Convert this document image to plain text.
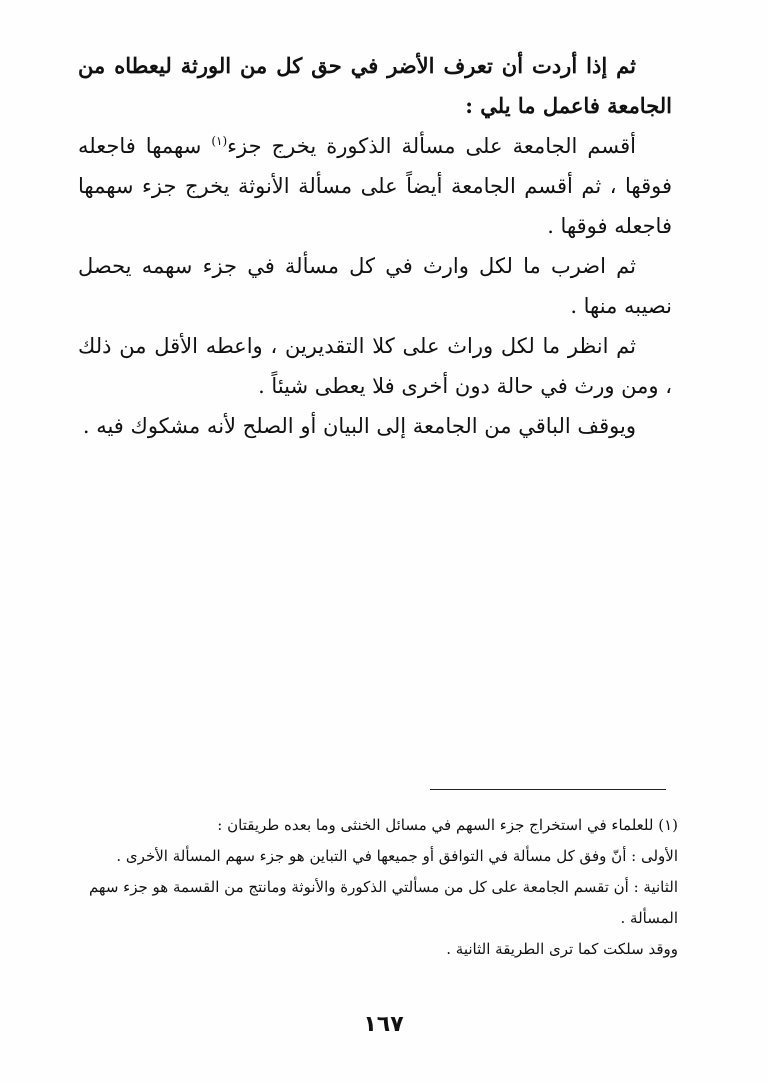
ثم إذا أردت أن تعرف الأضر في حق كل من الورثة ليعطاه من الجامعة فاعمل ما يلي :

أقسم الجامعة على مسألة الذكورة يخرج جزء$^{(١)}$ سهمها فاجعله فوقها ، ثم أقسم الجامعة أيضاً على مسألة الأنوثة يخرج جزء سهمها فاجعله فوقها .

ثم اضرب ما لكل وارث في كل مسألة في جزء سهمه يحصل نصيبه منها .

ثم انظر ما لكل وراث على كلا التقديرين ، واعطه الأقل من ذلك ، ومن ورث في حالة دون أخرى فلا يعطى شيئاً .

ويوقف الباقي من الجامعة إلى البيان أو الصلح لأنه مشكوك فيه .

(١) للعلماء في استخراج جزء السهم في مسائل الخنثى وما بعده طريقتان :

الأولى : أنّ وفق كل مسألة في التوافق أو جميعها في التباين هو جزء سهم المسألة الأخرى .

الثانية : أن تقسم الجامعة على كل من مسألتي الذكورة والأنوثة ومانتج من القسمة هو جزء سهم المسألة .

ووقد سلكت كما ترى الطريقة الثانية .

١٦٧
